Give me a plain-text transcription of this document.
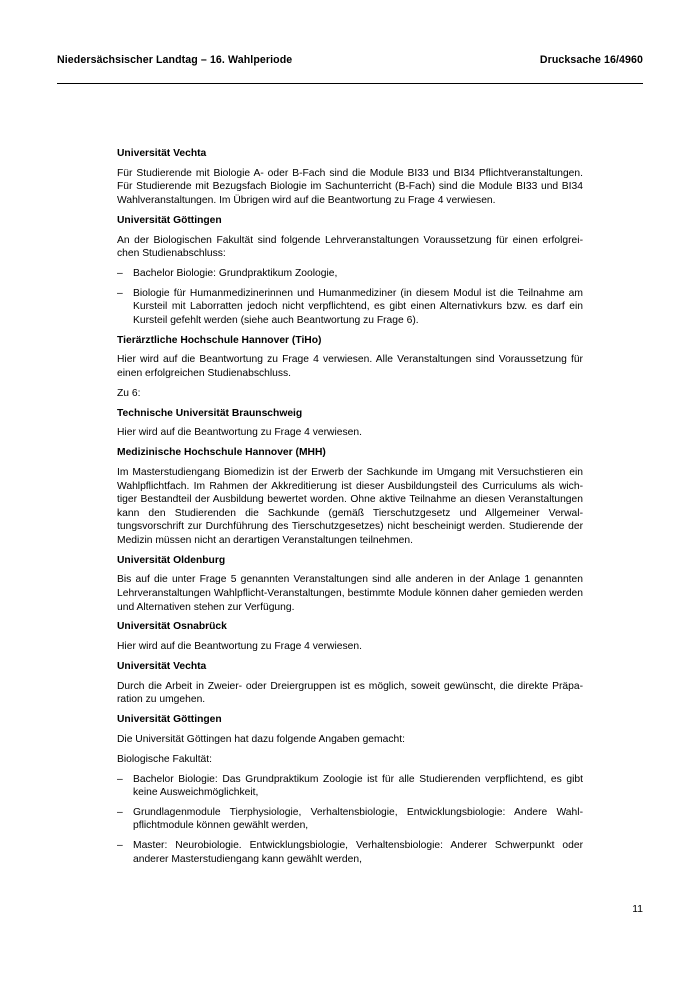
Niedersächsischer Landtag – 16. Wahlperiode	Drucksache 16/4960
Universität Vechta

Für Studierende mit Biologie A- oder B-Fach sind die Module BI33 und BI34 Pflichtveranstaltungen. Für Studierende mit Bezugsfach Biologie im Sachunterricht (B-Fach) sind die Module BI33 und BI34 Wahlveranstaltungen. Im Übrigen wird auf die Beantwortung zu Frage 4 verwiesen.

Universität Göttingen

An der Biologischen Fakultät sind folgende Lehrveranstaltungen Voraussetzung für einen erfolgreichen Studienabschluss:

– Bachelor Biologie: Grundpraktikum Zoologie,
– Biologie für Humanmedizinerinnen und Humanmediziner (in diesem Modul ist die Teilnahme am Kursteil mit Laborratten jedoch nicht verpflichtend, es gibt einen Alternativkurs bzw. es darf ein Kursteil gefehlt werden (siehe auch Beantwortung zu Frage 6).
Tierärztliche Hochschule Hannover (TiHo)

Hier wird auf die Beantwortung zu Frage 4 verwiesen. Alle Veranstaltungen sind Voraussetzung für einen erfolgreichen Studienabschluss.

Zu 6:

Technische Universität Braunschweig

Hier wird auf die Beantwortung zu Frage 4 verwiesen.

Medizinische Hochschule Hannover (MHH)

Im Masterstudiengang Biomedizin ist der Erwerb der Sachkunde im Umgang mit Versuchstieren ein Wahlpflichtfach. Im Rahmen der Akkreditierung ist dieser Ausbildungsteil des Curriculums als wichtiger Bestandteil der Ausbildung bewertet worden. Ohne aktive Teilnahme an diesen Veranstaltungen kann den Studierenden die Sachkunde (gemäß Tierschutzgesetz und Allgemeiner Verwaltungsvorschrift zur Durchführung des Tierschutzgesetzes) nicht bescheinigt werden. Studierende der Medizin müssen nicht an derartigen Veranstaltungen teilnehmen.

Universität Oldenburg

Bis auf die unter Frage 5 genannten Veranstaltungen sind alle anderen in der Anlage 1 genannten Lehrveranstaltungen Wahlpflicht-Veranstaltungen, bestimmte Module können daher gemieden werden und Alternativen stehen zur Verfügung.

Universität Osnabrück

Hier wird auf die Beantwortung zu Frage 4 verwiesen.

Universität Vechta

Durch die Arbeit in Zweier- oder Dreiergruppen ist es möglich, soweit gewünscht, die direkte Präparation zu umgehen.

Universität Göttingen

Die Universität Göttingen hat dazu folgende Angaben gemacht:

Biologische Fakultät:

– Bachelor Biologie: Das Grundpraktikum Zoologie ist für alle Studierenden verpflichtend, es gibt keine Ausweichmöglichkeit,
– Grundlagenmodule Tierphysiologie, Verhaltensbiologie, Entwicklungsbiologie: Andere Wahlpflichtmodule können gewählt werden,
– Master: Neurobiologie. Entwicklungsbiologie, Verhaltensbiologie: Anderer Schwerpunkt oder anderer Masterstudiengang kann gewählt werden,
11
